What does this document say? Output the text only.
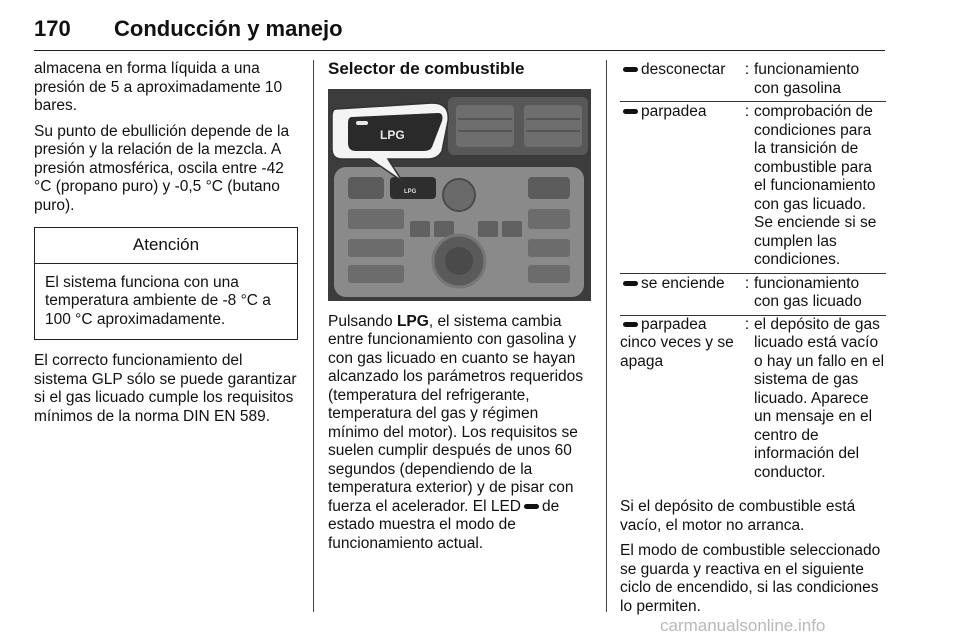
170 Conducción y manejo

almacena en forma líquida a una presión de 5 a aproximadamente 10 bares.

Su punto de ebullición depende de la presión y la relación de la mezcla. A presión atmosférica, oscila entre -42 °C (propano puro) y -0,5 °C (butano puro).

Atención
El sistema funciona con una temperatura ambiente de -8 °C a 100 °C aproximadamente.

El correcto funcionamiento del sistema GLP sólo se puede garantizar si el gas licuado cumple los requisitos mínimos de la norma DIN EN 589.

Selector de combustible
LPG
LPG

Pulsando LPG, el sistema cambia entre funcionamiento con gasolina y con gas licuado en cuanto se hayan alcanzado los parámetros requeridos (temperatura del refrigerante, temperatura del gas y régimen mínimo del motor). Los requisitos se suelen cumplir después de unos 60 segundos (dependiendo de la temperatura exterior) y de pisar con fuerza el acelerador. El LED de estado muestra el modo de funcionamiento actual.

desconectar	:	funcionamiento con gasolina
parpadea	:	comprobación de condiciones para la transición de combustible para el funcionamiento con gas licuado. Se enciende si se cumplen las condiciones.
se enciende	:	funcionamiento con gas licuado
parpadea cinco veces y se apaga	:	el depósito de gas licuado está vacío o hay un fallo en el sistema de gas licuado. Aparece un mensaje en el centro de información del conductor.

Si el depósito de combustible está vacío, el motor no arranca.

El modo de combustible seleccionado se guarda y reactiva en el siguiente ciclo de encendido, si las condiciones lo permiten.

carmanualsonline.info
